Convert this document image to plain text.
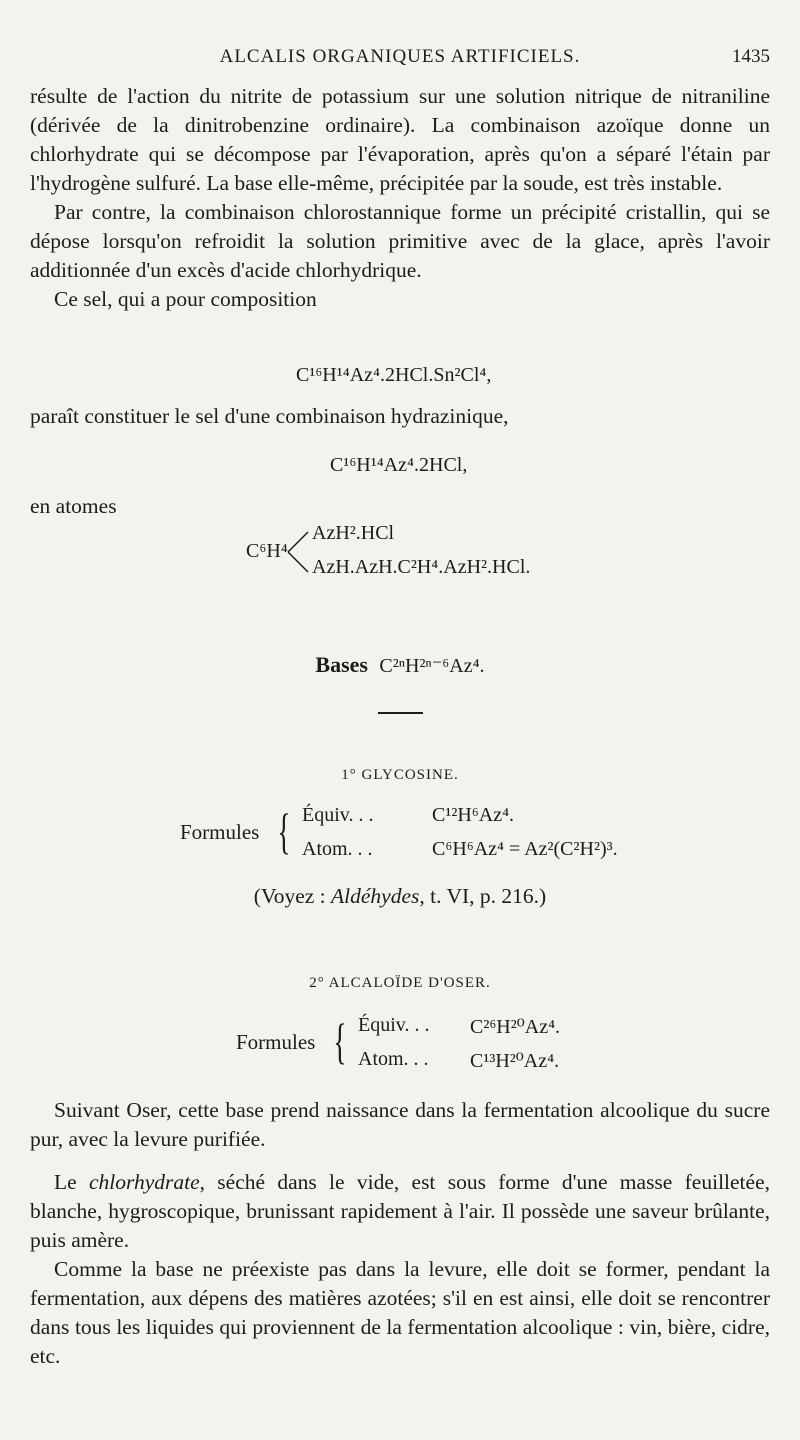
ALCALIS ORGANIQUES ARTIFICIELS.	1435

résulte de l'action du nitrite de potassium sur une solution nitrique de nitraniline (dérivée de la dinitrobenzine ordinaire). La combinaison azoïque donne un chlorhydrate qui se décompose par l'évaporation, après qu'on a séparé l'étain par l'hydrogène sulfuré. La base elle-même, précipitée par la soude, est très instable.

Par contre, la combinaison chlorostannique forme un précipité cristallin, qui se dépose lorsqu'on refroidit la solution primitive avec de la glace, après l'avoir additionnée d'un excès d'acide chlorhydrique.

Ce sel, qui a pour composition

C¹⁶H¹⁴Az⁴.2HCl.Sn²Cl⁴,

paraît constituer le sel d'une combinaison hydrazinique,

C¹⁶H¹⁴Az⁴.2HCl,

en atomes

C⁶H⁴
AzH².HCl
AzH.AzH.C²H⁴.AzH².HCl.
Bases C²ⁿH²ⁿ⁻⁶Az⁴.
1° GLYCOSINE.
Formules { Équiv. . .	C¹²H⁶Az⁴.
Atom. . .	C⁶H⁶Az⁴ = Az²(C²H²)³.
(Voyez : Aldéhydes, t. VI, p. 216.)
2° ALCALOÏDE D'OSER.
Formules { Équiv. . . C²⁶H²⁰Az⁴.
Atom. . . C¹³H²⁰Az⁴.

Suivant Oser, cette base prend naissance dans la fermentation alcoolique du sucre pur, avec la levure purifiée.

Le chlorhydrate, séché dans le vide, est sous forme d'une masse feuilletée, blanche, hygroscopique, brunissant rapidement à l'air. Il possède une saveur brûlante, puis amère.

Comme la base ne préexiste pas dans la levure, elle doit se former, pendant la fermentation, aux dépens des matières azotées; s'il en est ainsi, elle doit se rencontrer dans tous les liquides qui proviennent de la fermentation alcoolique : vin, bière, cidre, etc.
